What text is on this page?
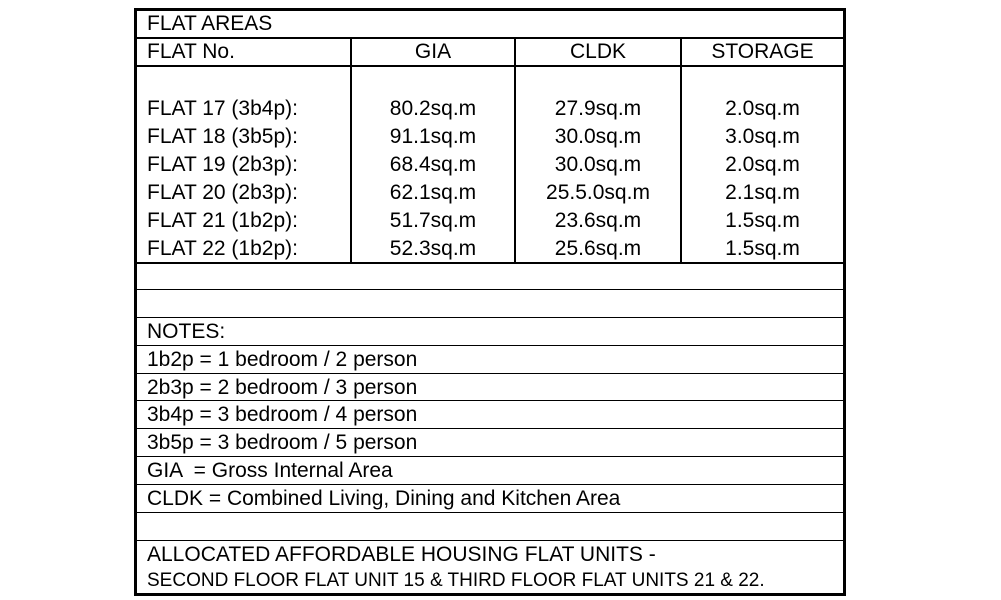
FLAT AREAS
FLAT No.	GIA	CLDK	STORAGE
FLAT 17 (3b4p):	80.2sq.m	27.9sq.m	2.0sq.m
FLAT 18 (3b5p):	91.1sq.m	30.0sq.m	3.0sq.m
FLAT 19 (2b3p):	68.4sq.m	30.0sq.m	2.0sq.m
FLAT 20 (2b3p):	62.1sq.m	25.5.0sq.m	2.1sq.m
FLAT 21 (1b2p):	51.7sq.m	23.6sq.m	1.5sq.m
FLAT 22 (1b2p):	52.3sq.m	25.6sq.m	1.5sq.m
NOTES:
1b2p = 1 bedroom / 2 person
2b3p = 2 bedroom / 3 person
3b4p = 3 bedroom / 4 person
3b5p = 3 bedroom / 5 person
GIA  = Gross Internal Area
CLDK = Combined Living, Dining and Kitchen Area
ALLOCATED AFFORDABLE HOUSING FLAT UNITS -
SECOND FLOOR FLAT UNIT 15 & THIRD FLOOR FLAT UNITS 21 & 22.
